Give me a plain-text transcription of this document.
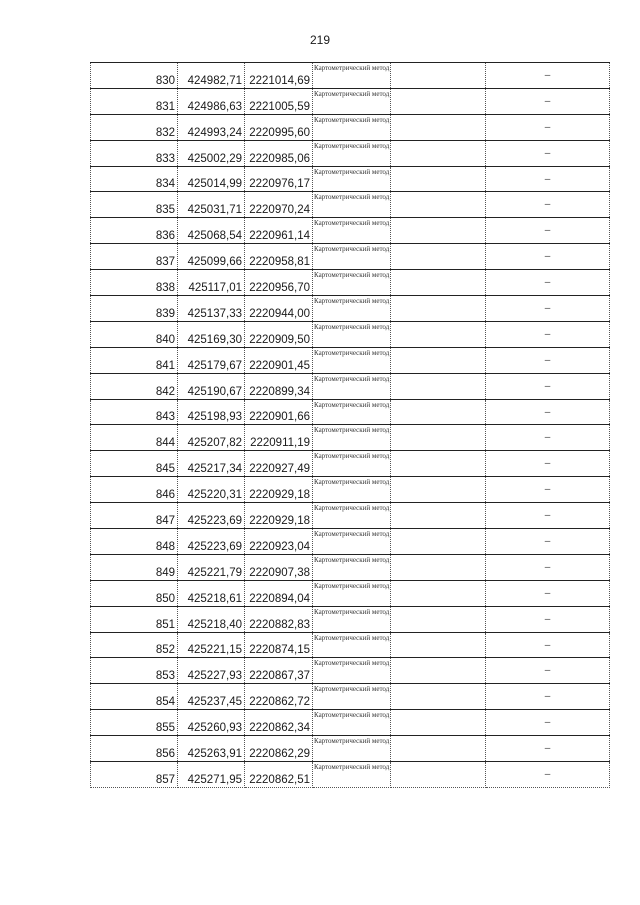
219
830	424982,71	2221014,69	Картометрический метод		–
831	424986,63	2221005,59	Картометрический метод		–
832	424993,24	2220995,60	Картометрический метод		–
833	425002,29	2220985,06	Картометрический метод		–
834	425014,99	2220976,17	Картометрический метод		–
835	425031,71	2220970,24	Картометрический метод		–
836	425068,54	2220961,14	Картометрический метод		–
837	425099,66	2220958,81	Картометрический метод		–
838	425117,01	2220956,70	Картометрический метод		–
839	425137,33	2220944,00	Картометрический метод		–
840	425169,30	2220909,50	Картометрический метод		–
841	425179,67	2220901,45	Картометрический метод		–
842	425190,67	2220899,34	Картометрический метод		–
843	425198,93	2220901,66	Картометрический метод		–
844	425207,82	2220911,19	Картометрический метод		–
845	425217,34	2220927,49	Картометрический метод		–
846	425220,31	2220929,18	Картометрический метод		–
847	425223,69	2220929,18	Картометрический метод		–
848	425223,69	2220923,04	Картометрический метод		–
849	425221,79	2220907,38	Картометрический метод		–
850	425218,61	2220894,04	Картометрический метод		–
851	425218,40	2220882,83	Картометрический метод		–
852	425221,15	2220874,15	Картометрический метод		–
853	425227,93	2220867,37	Картометрический метод		–
854	425237,45	2220862,72	Картометрический метод		–
855	425260,93	2220862,34	Картометрический метод		–
856	425263,91	2220862,29	Картометрический метод		–
857	425271,95	2220862,51	Картометрический метод		–
